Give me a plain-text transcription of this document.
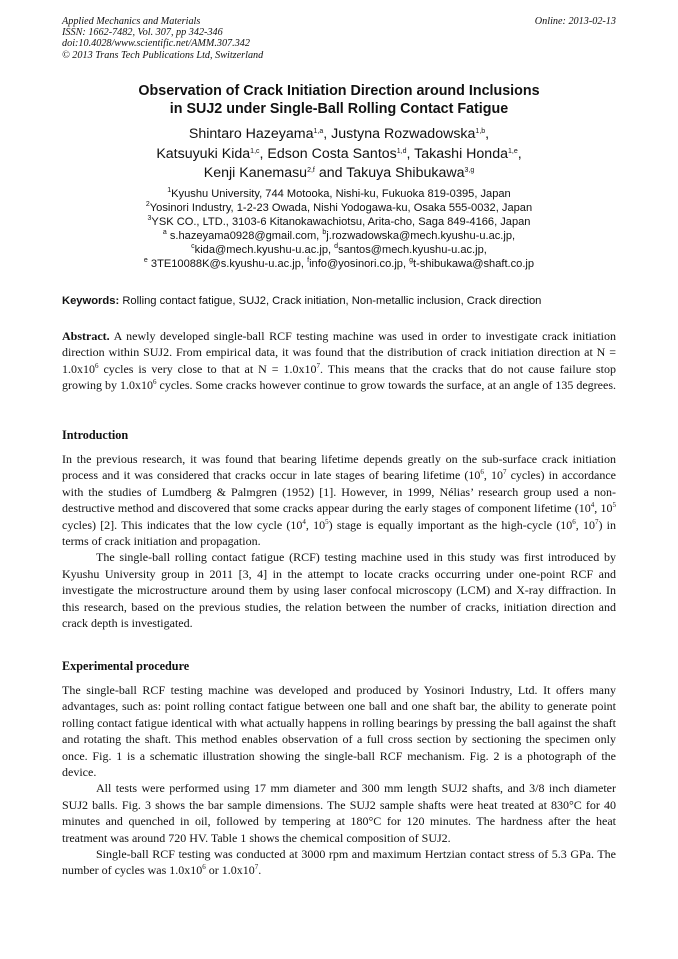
Applied Mechanics and Materials
ISSN: 1662-7482, Vol. 307, pp 342-346
doi:10.4028/www.scientific.net/AMM.307.342
© 2013 Trans Tech Publications Ltd, Switzerland
Online: 2013-02-13
Observation of Crack Initiation Direction around Inclusions
in SUJ2 under Single-Ball Rolling Contact Fatigue
Shintaro Hazeyama$^{1,a}$, Justyna Rozwadowska$^{1,b}$,
Katsuyuki Kida$^{1,c}$, Edson Costa Santos$^{1,d}$, Takashi Honda$^{1,e}$,
Kenji Kanemasu$^{2,f}$ and Takuya Shibukawa$^{3,g}$
$^1$Kyushu University, 744 Motooka, Nishi-ku, Fukuoka 819-0395, Japan
$^2$Yosinori Industry, 1-2-23 Owada, Nishi Yodogawa-ku, Osaka 555-0032, Japan
$^3$YSK CO., LTD., 3103-6 Kitanokawachiotsu, Arita-cho, Saga 849-4166, Japan
$^a$ s.hazeyama0928@gmail.com, $^b$j.rozwadowska@mech.kyushu-u.ac.jp,
$^c$kida@mech.kyushu-u.ac.jp, $^d$santos@mech.kyushu-u.ac.jp,
$^e$ 3TE10088K@s.kyushu-u.ac.jp, $^f$info@yosinori.co.jp, $^g$t-shibukawa@shaft.co.jp
Keywords: Rolling contact fatigue, SUJ2, Crack initiation, Non-metallic inclusion, Crack direction

Abstract. A newly developed single-ball RCF testing machine was used in order to investigate crack initiation direction within SUJ2. From empirical data, it was found that the distribution of crack initiation direction at $N = 1.0x10^6$ cycles is very close to that at $N = 1.0x10^7$. This means that the cracks that do not cause failure stop growing by $1.0x10^6$ cycles. Some cracks however continue to grow towards the surface, at an angle of 135 degrees.

Introduction

In the previous research, it was found that bearing lifetime depends greatly on the sub-surface crack initiation process and it was considered that cracks occur in late stages of bearing lifetime ($10^6$, $10^7$ cycles) in accordance with the studies of Lumdberg & Palmgren (1952) [1]. However, in 1999, Nélias’ research group used a non-destructive method and discovered that some cracks appear during the early stages of component lifetime ($10^4$, $10^5$ cycles) [2]. This indicates that the low cycle ($10^4$, $10^5$) stage is equally important as the high-cycle ($10^6$, $10^7$) in terms of crack initiation and propagation.

The single-ball rolling contact fatigue (RCF) testing machine used in this study was first introduced by Kyushu University group in 2011 [3, 4] in the attempt to locate cracks occurring under one-point RCF and investigate the microstructure around them by using laser confocal microscopy (LCM) and X-ray diffraction. In this research, based on the previous studies, the relation between the number of cracks, initiation direction and crack depth is investigated.

Experimental procedure

The single-ball RCF testing machine was developed and produced by Yosinori Industry, Ltd. It offers many advantages, such as: point rolling contact fatigue between one ball and one shaft bar, the ability to generate point rolling contact fatigue identical with what actually happens in rolling bearings by pressing the ball against the shaft and rotating the shaft. This method enables observation of a full cross section by sectioning the specimen only once. Fig. 1 is a schematic illustration showing the single-ball RCF mechanism. Fig. 2 is a photograph of the device.

All tests were performed using 17 mm diameter and 300 mm length SUJ2 shafts, and 3/8 inch diameter SUJ2 balls. Fig. 3 shows the bar sample dimensions. The SUJ2 sample shafts were heat treated at 830°C for 40 minutes and quenched in oil, followed by tempering at 180°C for 120 minutes. The hardness after the heat treatment was around 720 HV. Table 1 shows the chemical composition of SUJ2.

Single-ball RCF testing was conducted at 3000 rpm and maximum Hertzian contact stress of 5.3 GPa. The number of cycles was $1.0x10^6$ or $1.0x10^7$.
